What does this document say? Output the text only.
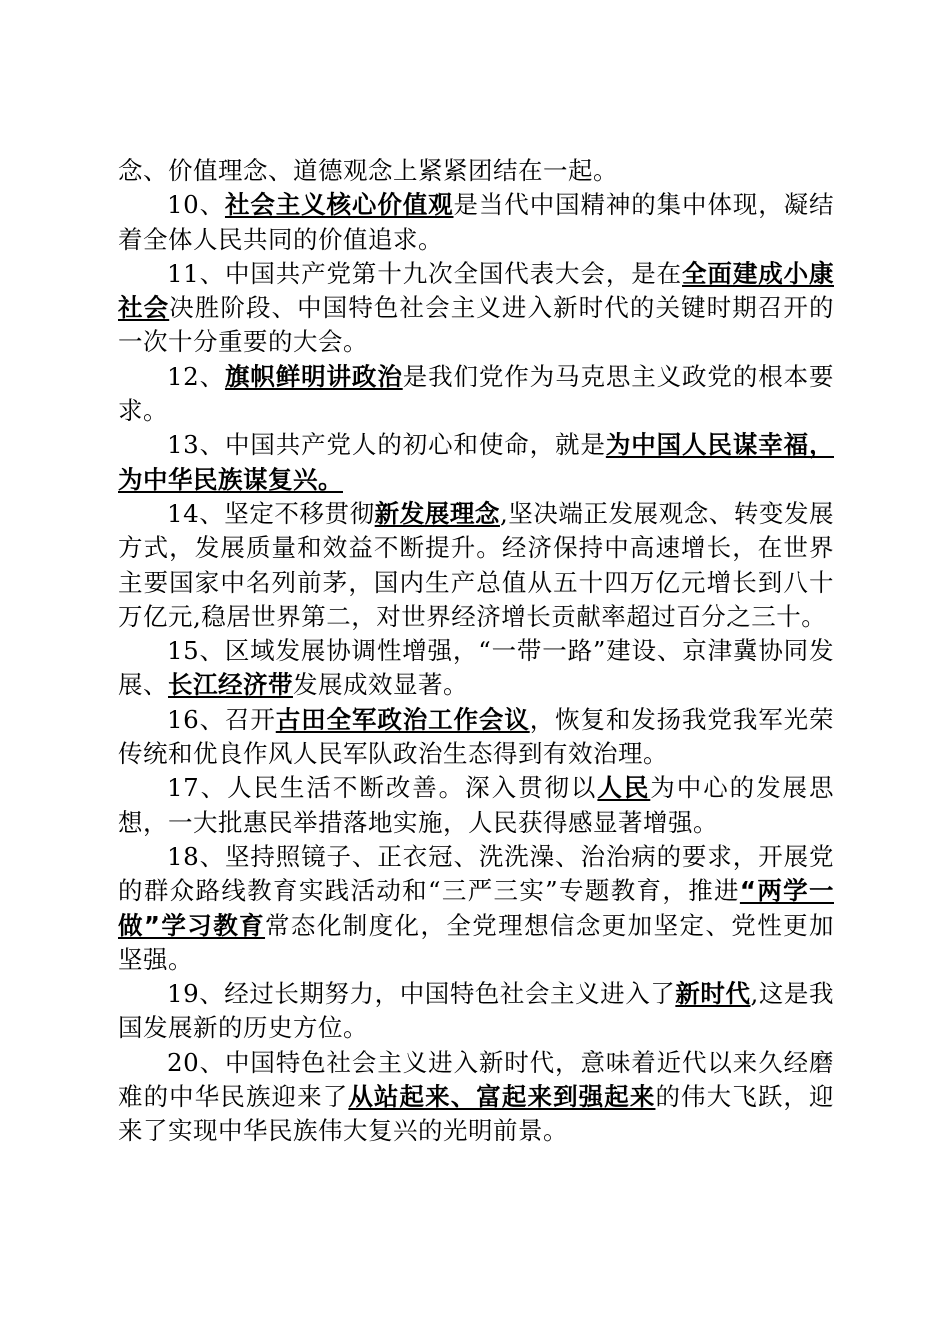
念、价值理念、道德观念上紧紧团结在一起。

10、社会主义核心价值观是当代中国精神的集中体现，凝结着全体人民共同的价值追求。

11、中国共产党第十九次全国代表大会，是在全面建成小康社会决胜阶段、中国特色社会主义进入新时代的关键时期召开的一次十分重要的大会。

12、旗帜鲜明讲政治是我们党作为马克思主义政党的根本要求。

13、中国共产党人的初心和使命，就是为中国人民谋幸福，为中华民族谋复兴。

14、坚定不移贯彻新发展理念,坚决端正发展观念、转变发展方式，发展质量和效益不断提升。经济保持中高速增长，在世界主要国家中名列前茅，国内生产总值从五十四万亿元增长到八十万亿元,稳居世界第二，对世界经济增长贡献率超过百分之三十。

15、区域发展协调性增强，“一带一路”建设、京津冀协同发展、长江经济带发展成效显著。

16、召开古田全军政治工作会议，恢复和发扬我党我军光荣传统和优良作风人民军队政治生态得到有效治理。

17、人民生活不断改善。深入贯彻以人民为中心的发展思想，一大批惠民举措落地实施，人民获得感显著增强。

18、坚持照镜子、正衣冠、洗洗澡、治治病的要求，开展党的群众路线教育实践活动和“三严三实”专题教育，推进“两学一做”学习教育常态化制度化，全党理想信念更加坚定、党性更加坚强。

19、经过长期努力，中国特色社会主义进入了新时代,这是我国发展新的历史方位。

20、中国特色社会主义进入新时代，意味着近代以来久经磨难的中华民族迎来了从站起来、富起来到强起来的伟大飞跃，迎来了实现中华民族伟大复兴的光明前景。
